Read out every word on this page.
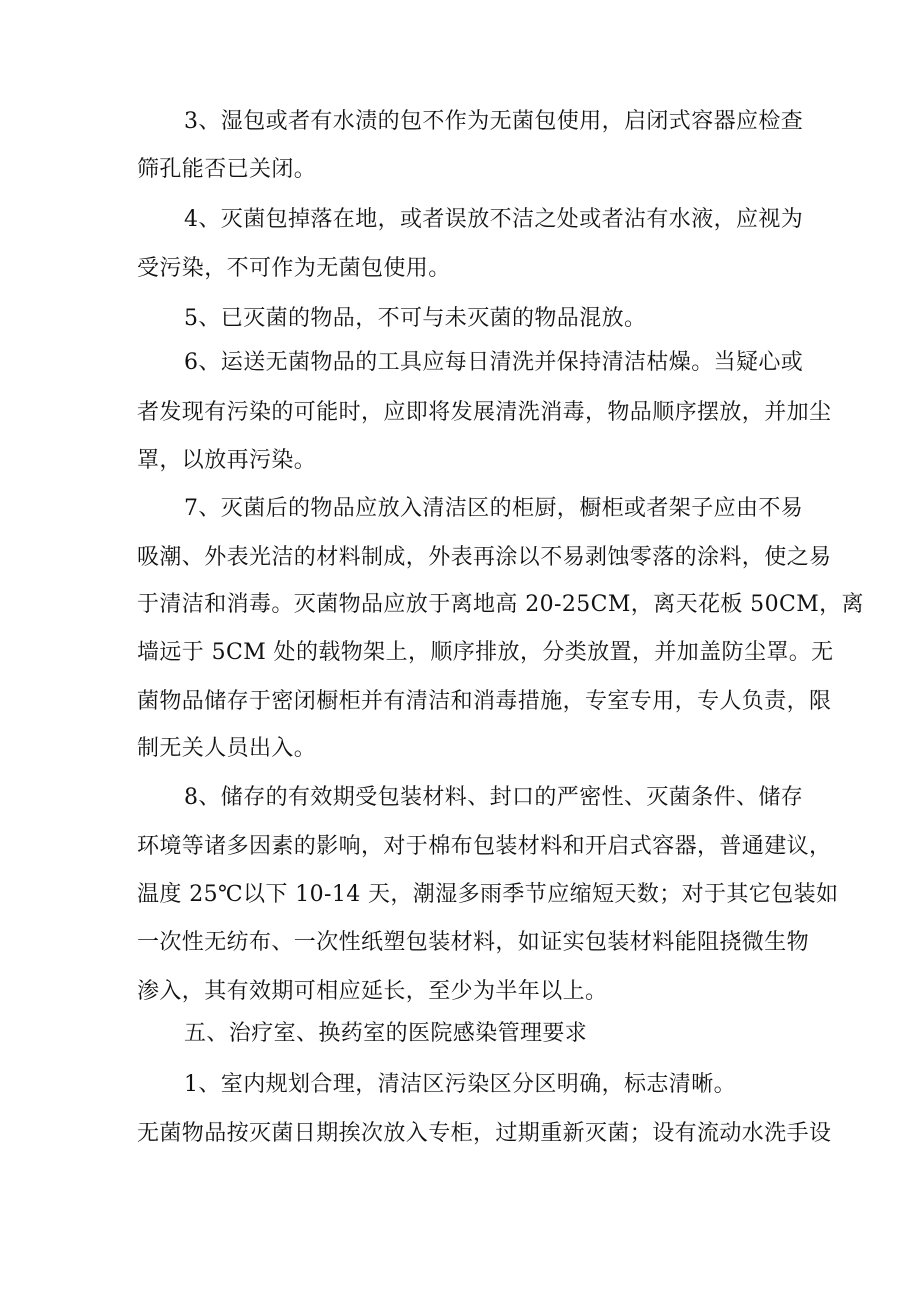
3、湿包或者有水渍的包不作为无菌包使用，启闭式容器应检查
筛孔能否已关闭。
4、灭菌包掉落在地，或者误放不洁之处或者沾有水液，应视为
受污染，不可作为无菌包使用。
5、已灭菌的物品，不可与未灭菌的物品混放。
6、运送无菌物品的工具应每日清洗并保持清洁枯燥。当疑心或
者发现有污染的可能时，应即将发展清洗消毒，物品顺序摆放，并加尘
罩，以放再污染。
7、灭菌后的物品应放入清洁区的柜厨，橱柜或者架子应由不易
吸潮、外表光洁的材料制成，外表再涂以不易剥蚀零落的涂料，使之易
于清洁和消毒。灭菌物品应放于离地高 20-25CM，离天花板 50CM，离
墙远于 5CM 处的载物架上，顺序排放，分类放置，并加盖防尘罩。无
菌物品储存于密闭橱柜并有清洁和消毒措施，专室专用，专人负责，限
制无关人员出入。
8、储存的有效期受包装材料、封口的严密性、灭菌条件、储存
环境等诸多因素的影响，对于棉布包装材料和开启式容器，普通建议，
温度 25℃以下 10-14 天，潮湿多雨季节应缩短天数；对于其它包装如
一次性无纺布、一次性纸塑包装材料，如证实包装材料能阻挠微生物
渗入，其有效期可相应延长，至少为半年以上。
五、治疗室、换药室的医院感染管理要求
1、室内规划合理，清洁区污染区分区明确，标志清晰。
无菌物品按灭菌日期挨次放入专柜，过期重新灭菌；设有流动水洗手设
